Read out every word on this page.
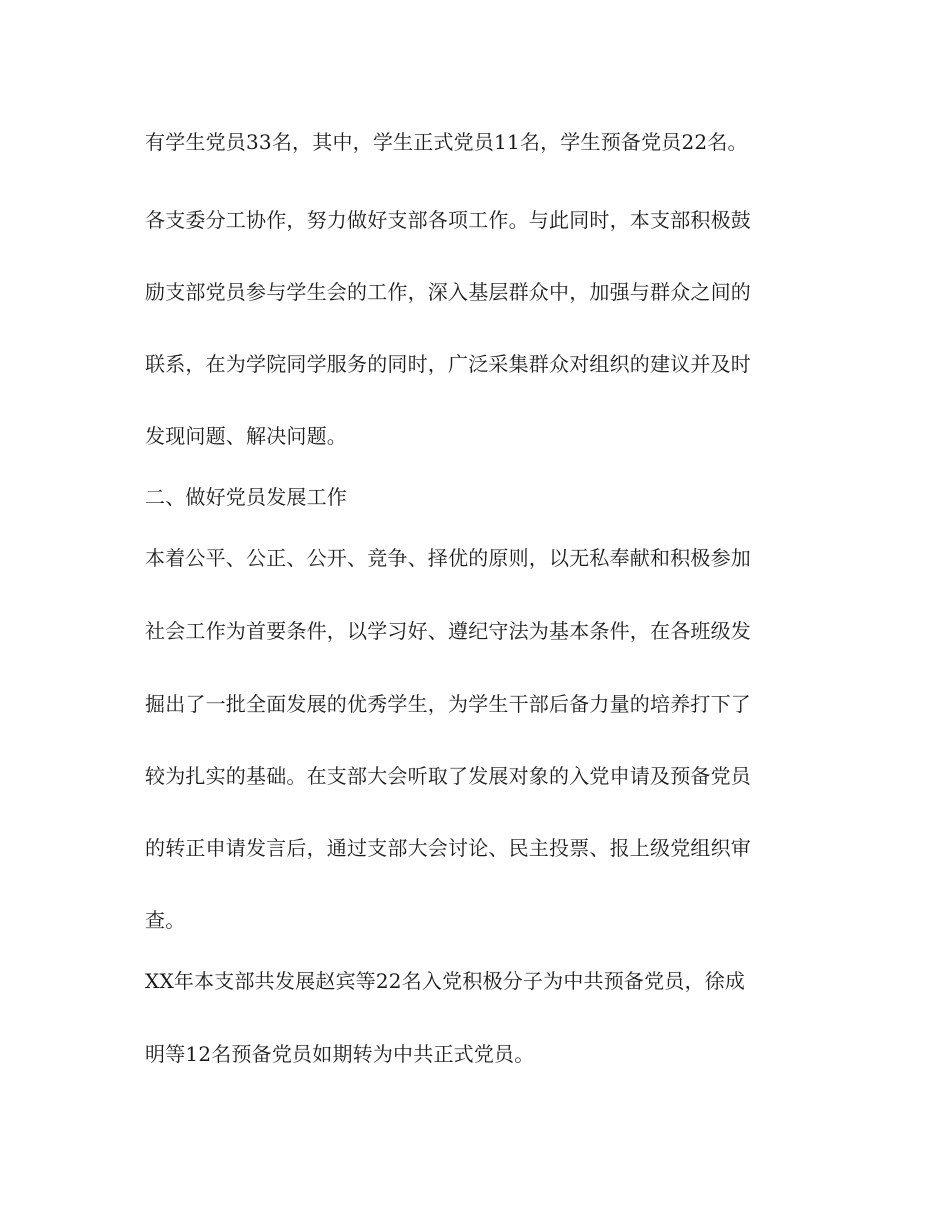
有学生党员33名，其中，学生正式党员11名，学生预备党员22名。
各支委分工协作，努力做好支部各项工作。与此同时，本支部积极鼓
励支部党员参与学生会的工作，深入基层群众中，加强与群众之间的
联系，在为学院同学服务的同时，广泛采集群众对组织的建议并及时
发现问题、解决问题。
二、做好党员发展工作
本着公平、公正、公开、竞争、择优的原则，以无私奉献和积极参加
社会工作为首要条件，以学习好、遵纪守法为基本条件，在各班级发
掘出了一批全面发展的优秀学生，为学生干部后备力量的培养打下了
较为扎实的基础。在支部大会听取了发展对象的入党申请及预备党员
的转正申请发言后，通过支部大会讨论、民主投票、报上级党组织审
查。
XX年本支部共发展赵宾等22名入党积极分子为中共预备党员，徐成
明等12名预备党员如期转为中共正式党员。
